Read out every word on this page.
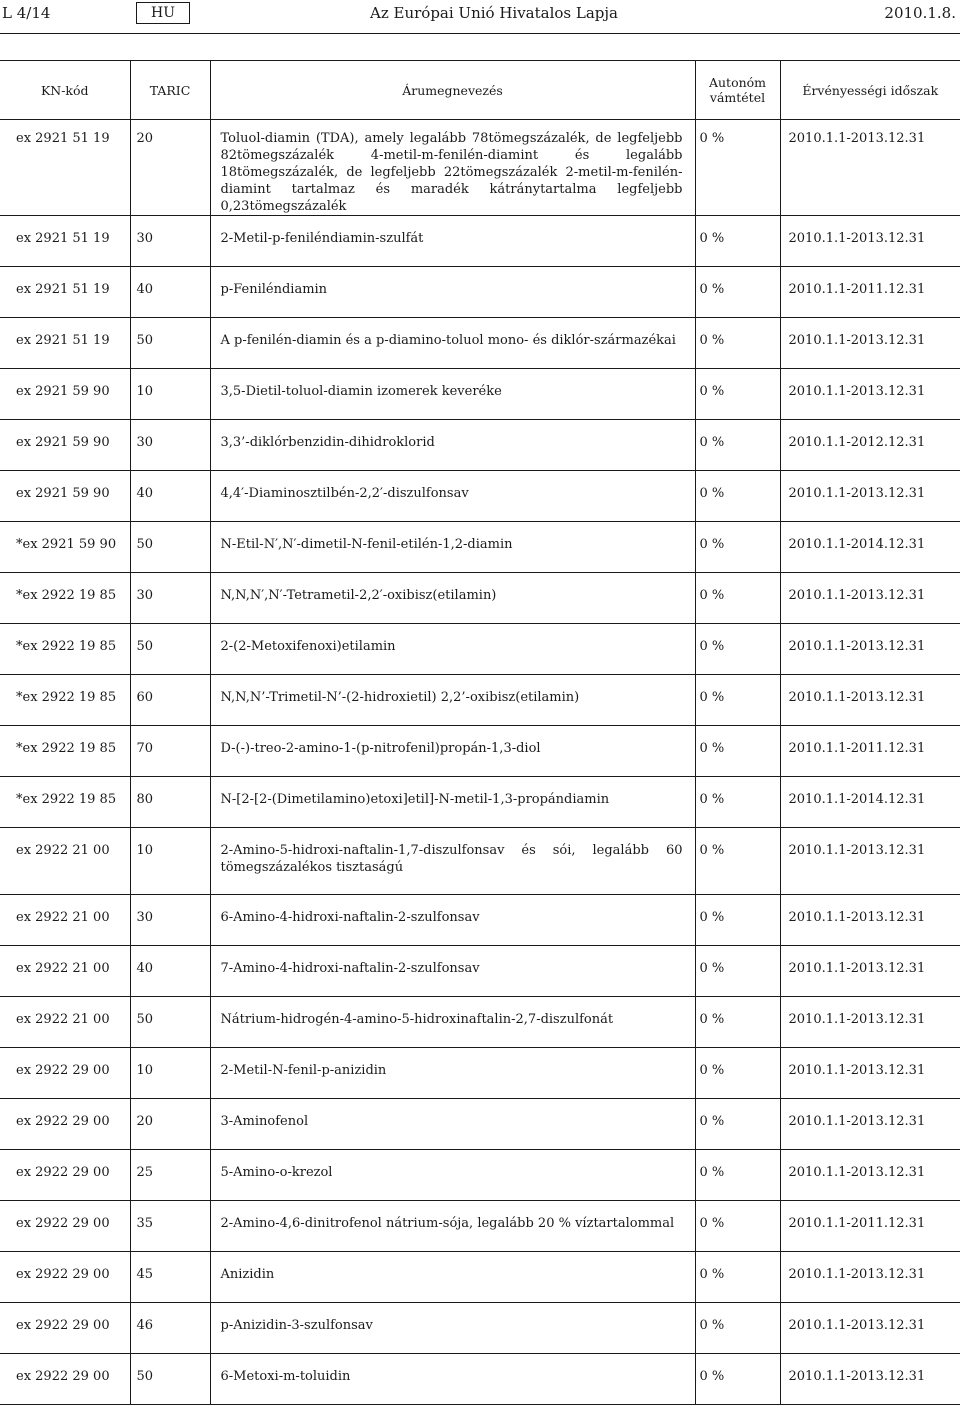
L 4/14	HU	Az Európai Unió Hivatalos Lapja	2010.1.8.
KN-kód	TARIC	Árumegnevezés	Autonóm vámtétel	Érvényességi időszak
ex 2921 51 19	20	Toluol-diamin (TDA), amely legalább 78tömegszázalék, de legfeljebb 82tömegszázalék 4-metil-m-fenilén-diamint és legalább 18tömegszázalék, de legfeljebb 22tömegszázalék 2-metil-m-fenilén-diamint tartalmaz és maradék kátránytartalma legfeljebb 0,23tömegszázalék	0 %	2010.1.1-2013.12.31
ex 2921 51 19	30	2-Metil-p-feniléndiamin-szulfát	0 %	2010.1.1-2013.12.31
ex 2921 51 19	40	p-Feniléndiamin	0 %	2010.1.1-2011.12.31
ex 2921 51 19	50	A p-fenilén-diamin és a p-diamino-toluol mono- és diklór-származékai	0 %	2010.1.1-2013.12.31
ex 2921 59 90	10	3,5-Dietil-toluol-diamin izomerek keveréke	0 %	2010.1.1-2013.12.31
ex 2921 59 90	30	3,3’-diklórbenzidin-dihidroklorid	0 %	2010.1.1-2012.12.31
ex 2921 59 90	40	4,4′-Diaminosztilbén-2,2′-diszulfonsav	0 %	2010.1.1-2013.12.31
*ex 2921 59 90	50	N-Etil-N′,N′-dimetil-N-fenil-etilén-1,2-diamin	0 %	2010.1.1-2014.12.31
*ex 2922 19 85	30	N,N,N′,N′-Tetrametil-2,2′-oxibisz(etilamin)	0 %	2010.1.1-2013.12.31
*ex 2922 19 85	50	2-(2-Metoxifenoxi)etilamin	0 %	2010.1.1-2013.12.31
*ex 2922 19 85	60	N,N,N’-Trimetil-N’-(2-hidroxietil) 2,2’-oxibisz(etilamin)	0 %	2010.1.1-2013.12.31
*ex 2922 19 85	70	D-(-)-treo-2-amino-1-(p-nitrofenil)propán-1,3-diol	0 %	2010.1.1-2011.12.31
*ex 2922 19 85	80	N-[2-[2-(Dimetilamino)etoxi]etil]-N-metil-1,3-propándiamin	0 %	2010.1.1-2014.12.31
ex 2922 21 00	10	2-Amino-5-hidroxi-naftalin-1,7-diszulfonsav és sói, legalább 60 tömegszázalékos tisztaságú	0 %	2010.1.1-2013.12.31
ex 2922 21 00	30	6-Amino-4-hidroxi-naftalin-2-szulfonsav	0 %	2010.1.1-2013.12.31
ex 2922 21 00	40	7-Amino-4-hidroxi-naftalin-2-szulfonsav	0 %	2010.1.1-2013.12.31
ex 2922 21 00	50	Nátrium-hidrogén-4-amino-5-hidroxinaftalin-2,7-diszulfonát	0 %	2010.1.1-2013.12.31
ex 2922 29 00	10	2-Metil-N-fenil-p-anizidin	0 %	2010.1.1-2013.12.31
ex 2922 29 00	20	3-Aminofenol	0 %	2010.1.1-2013.12.31
ex 2922 29 00	25	5-Amino-o-krezol	0 %	2010.1.1-2013.12.31
ex 2922 29 00	35	2-Amino-4,6-dinitrofenol nátrium-sója, legalább 20 % víztartalommal	0 %	2010.1.1-2011.12.31
ex 2922 29 00	45	Anizidin	0 %	2010.1.1-2013.12.31
ex 2922 29 00	46	p-Anizidin-3-szulfonsav	0 %	2010.1.1-2013.12.31
ex 2922 29 00	50	6-Metoxi-m-toluidin	0 %	2010.1.1-2013.12.31
